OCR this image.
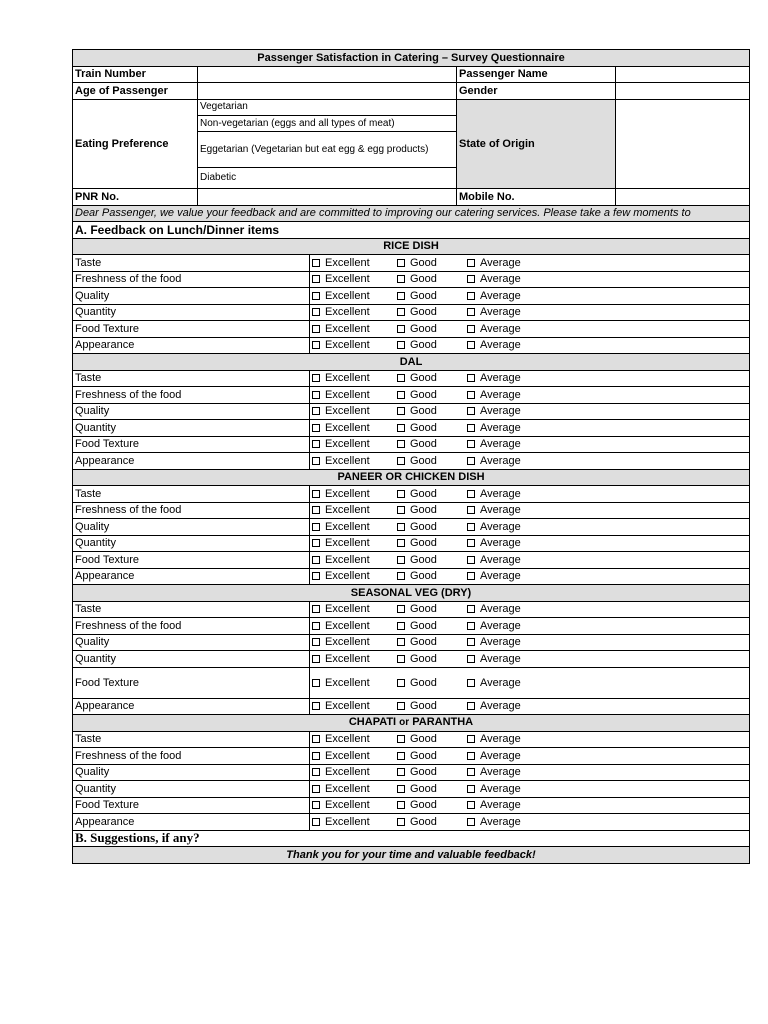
Passenger Satisfaction in Catering – Survey Questionnaire				
Train Number			Passenger Name	
Age of Passenger			Gender	
Eating Preference	Vegetarian		State of Origin	
	Non-vegetarian (eggs and all types of meat)			
	Eggetarian (Vegetarian but eat egg & egg products)			
	Diabetic			
PNR No.			Mobile No.	
Dear Passenger, we value your feedback and are committed to improving our catering services. Please take a few moments to				
A. Feedback on Lunch/Dinner items				
RICE DISH				
Taste		Excellent Good Average		
Freshness of the food		Excellent Good Average		
Quality		Excellent Good Average		
Quantity		Excellent Good Average		
Food Texture		Excellent Good Average		
Appearance		Excellent Good Average		
DAL				
Taste		Excellent Good Average		
Freshness of the food		Excellent Good Average		
Quality		Excellent Good Average		
Quantity		Excellent Good Average		
Food Texture		Excellent Good Average		
Appearance		Excellent Good Average		
PANEER OR CHICKEN DISH				
Taste		Excellent Good Average		
Freshness of the food		Excellent Good Average		
Quality		Excellent Good Average		
Quantity		Excellent Good Average		
Food Texture		Excellent Good Average		
Appearance		Excellent Good Average		
SEASONAL VEG (DRY)				
Taste		Excellent Good Average		
Freshness of the food		Excellent Good Average		
Quality		Excellent Good Average		
Quantity		Excellent Good Average		
Food Texture		Excellent Good Average		
Appearance		Excellent Good Average		
CHAPATI or PARANTHA				
Taste		Excellent Good Average		
Freshness of the food		Excellent Good Average		
Quality		Excellent Good Average		
Quantity		Excellent Good Average		
Food Texture		Excellent Good Average		
Appearance		Excellent Good Average		
B. Suggestions, if any?				
Thank you for your time and valuable feedback!				
